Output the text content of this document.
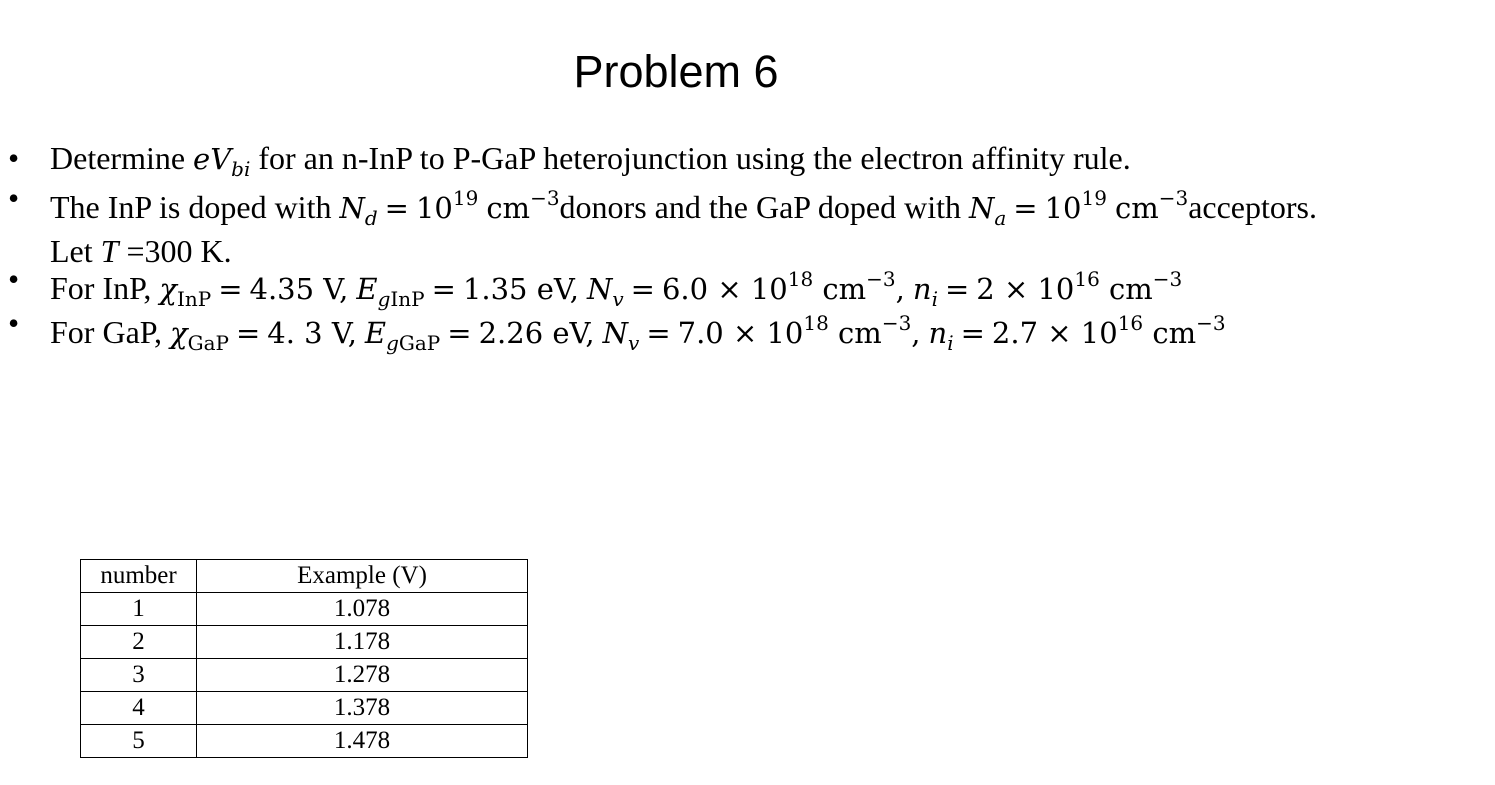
Problem 6
• Determine $eV_{bi}$ for an n-InP to P-GaP heterojunction using the electron affinity rule.
• The InP is doped with $N_d = 10^{19}$ $cm^{-3}donors$ and the GaP doped with $N_a = 10^{19}$ $cm^{-3}acceptors$.
Let T =300 K.
• For InP, $\chi_{InP} = 4.35$ V, $E_{gInP} = 1.35$ eV, $N_v = 6.0 \times 10^{18}$ $cm^{-3}$, $n_i = 2 \times 10^{16}$ $cm^{-3}$
• For GaP, $\chi_{GaP} = 4$. 3 V, $E_{gGaP} = 2.26$ eV, $N_v = 7.0 \times 10^{18}$ $cm^{-3}$, $n_i = 2.7 \times 10^{16}$ $cm^{-3}$
number	Example (V)
1	1.078
2	1.178
3	1.278
4	1.378
5	1.478
